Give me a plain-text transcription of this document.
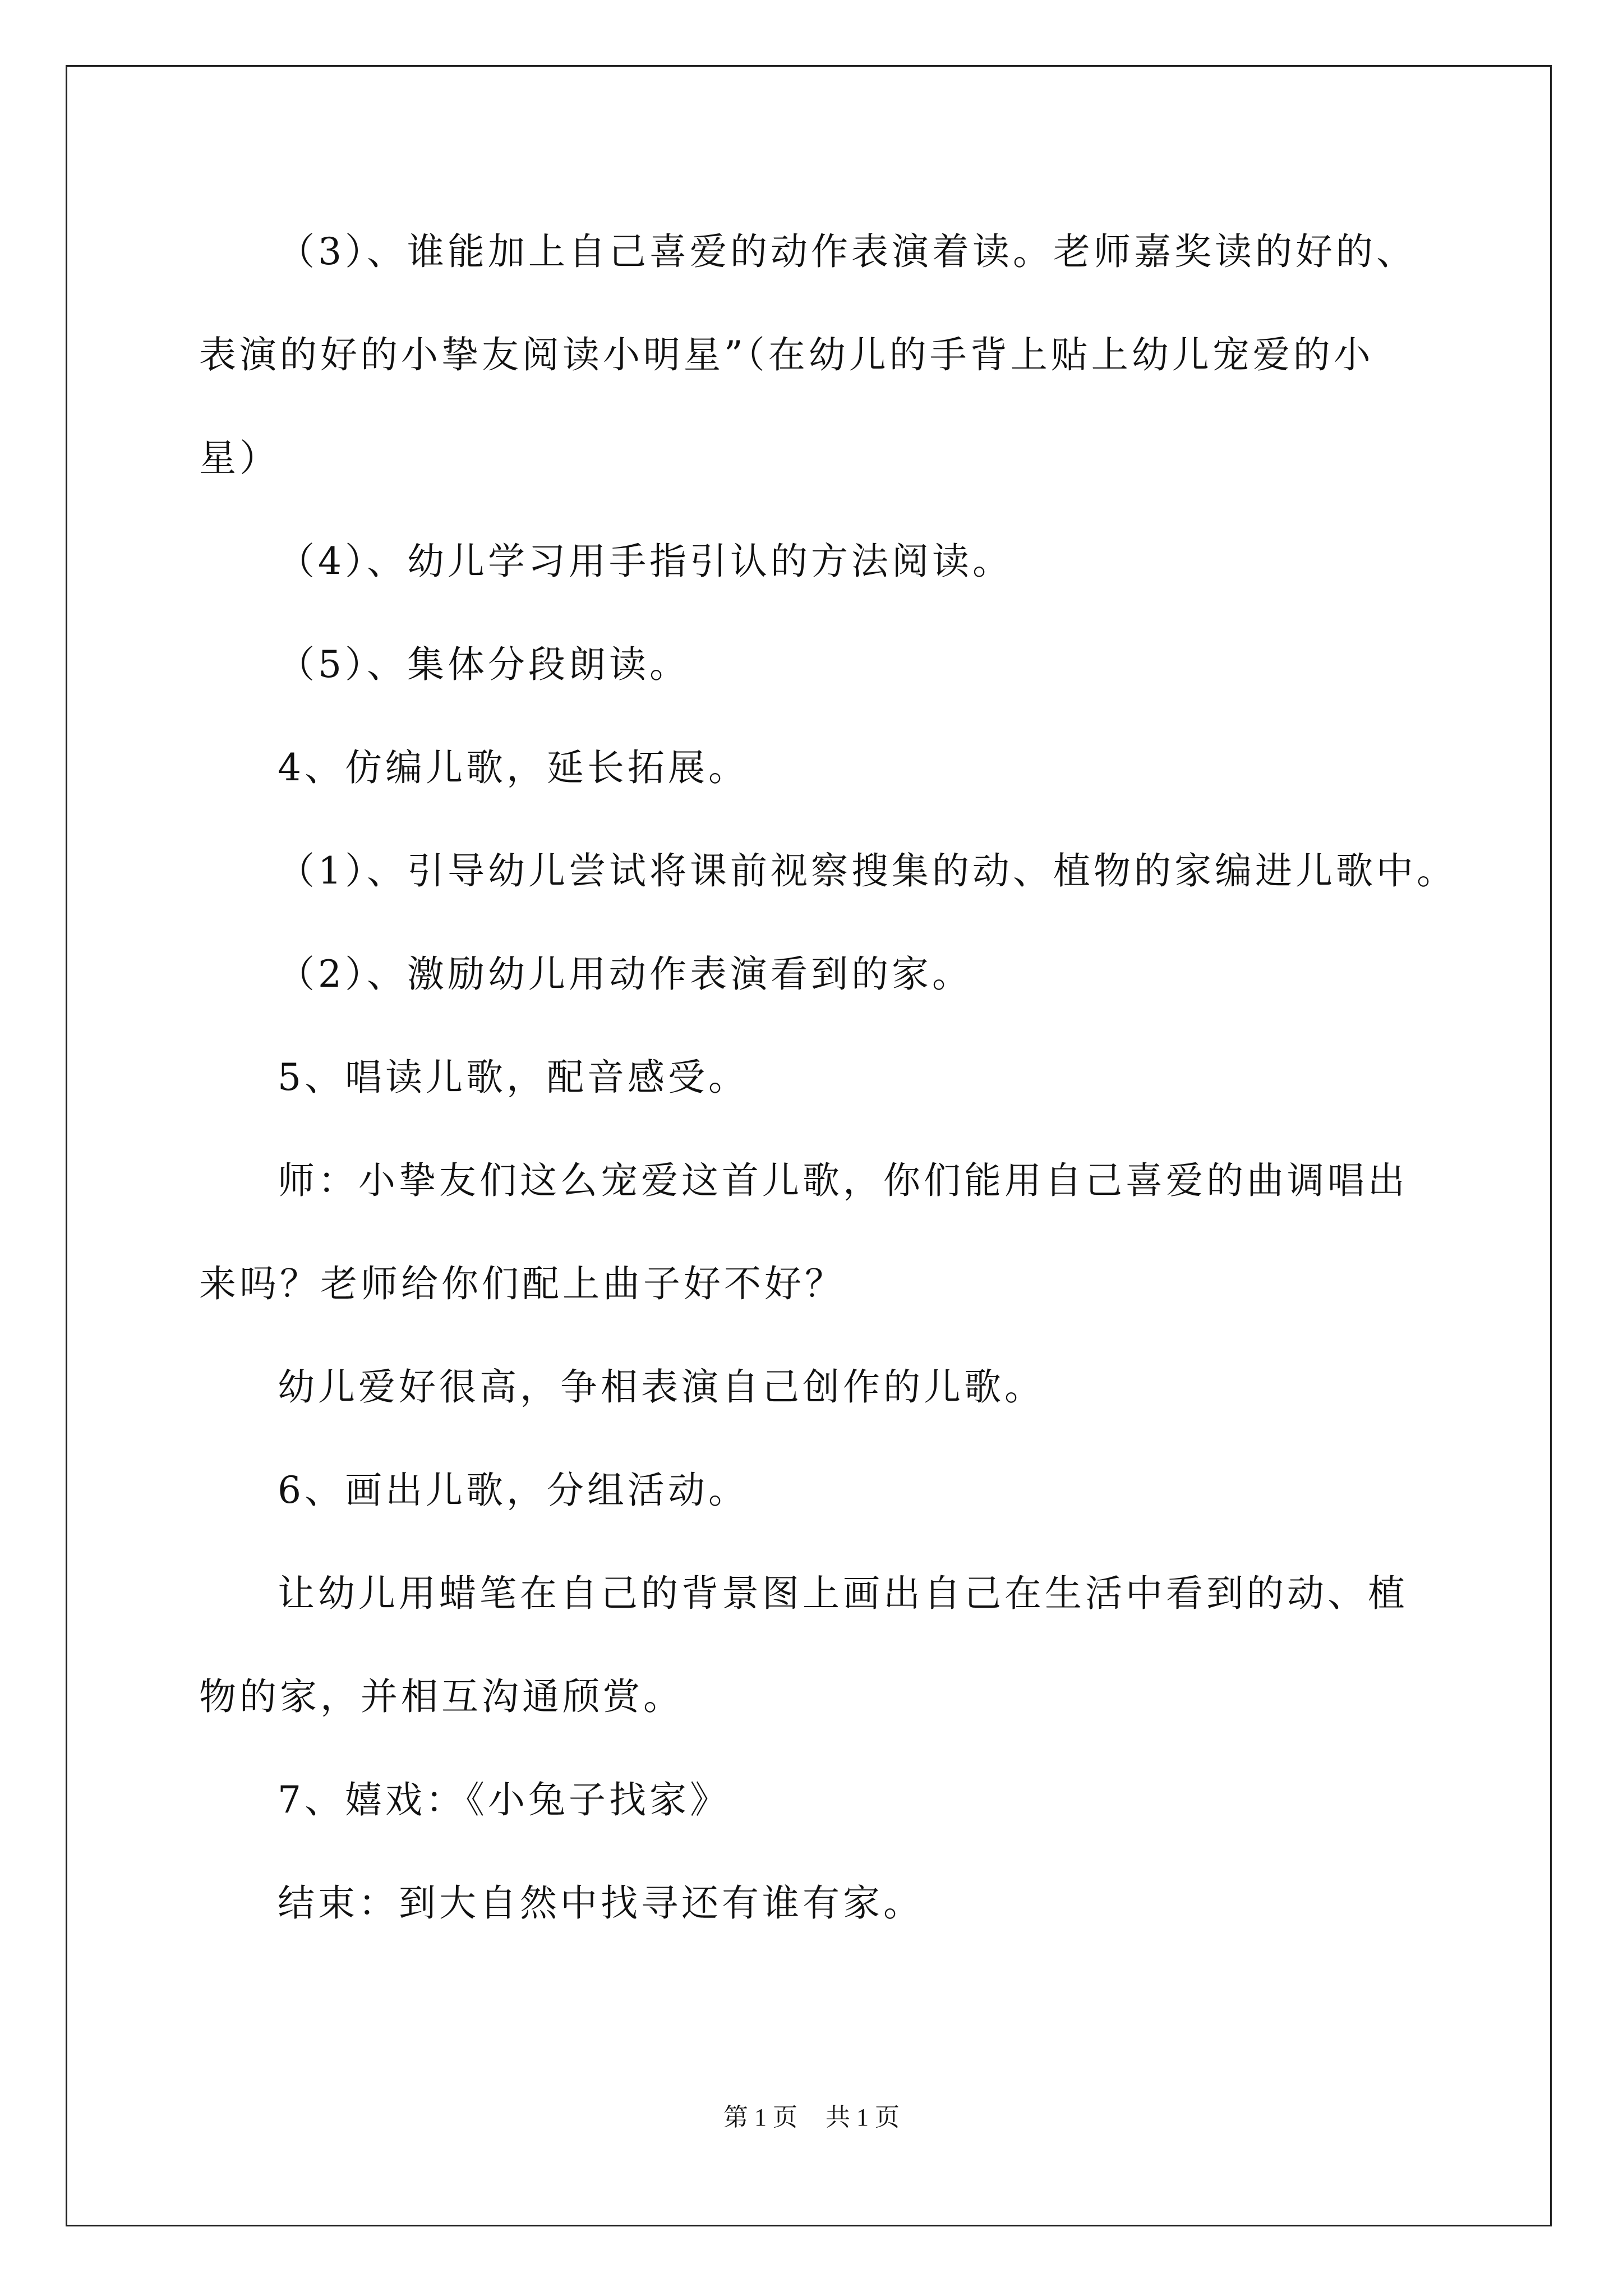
（3）、谁能加上自己喜爱的动作表演着读。老师嘉奖读的好的、
表演的好的小挚友阅读小明星”（在幼儿的手背上贴上幼儿宠爱的小
星）
（4）、幼儿学习用手指引认的方法阅读。
（5）、集体分段朗读。
4、仿编儿歌，延长拓展。
（1）、引导幼儿尝试将课前视察搜集的动、植物的家编进儿歌中。
（2）、激励幼儿用动作表演看到的家。
5、唱读儿歌，配音感受。
师：小挚友们这么宠爱这首儿歌，你们能用自己喜爱的曲调唱出
来吗？老师给你们配上曲子好不好？
幼儿爱好很高，争相表演自己创作的儿歌。
6、画出儿歌，分组活动。
让幼儿用蜡笔在自己的背景图上画出自己在生活中看到的动、植
物的家，并相互沟通颀赏。
7、嬉戏：《小兔子找家》
结束：到大自然中找寻还有谁有家。
第 1 页 共 1 页
